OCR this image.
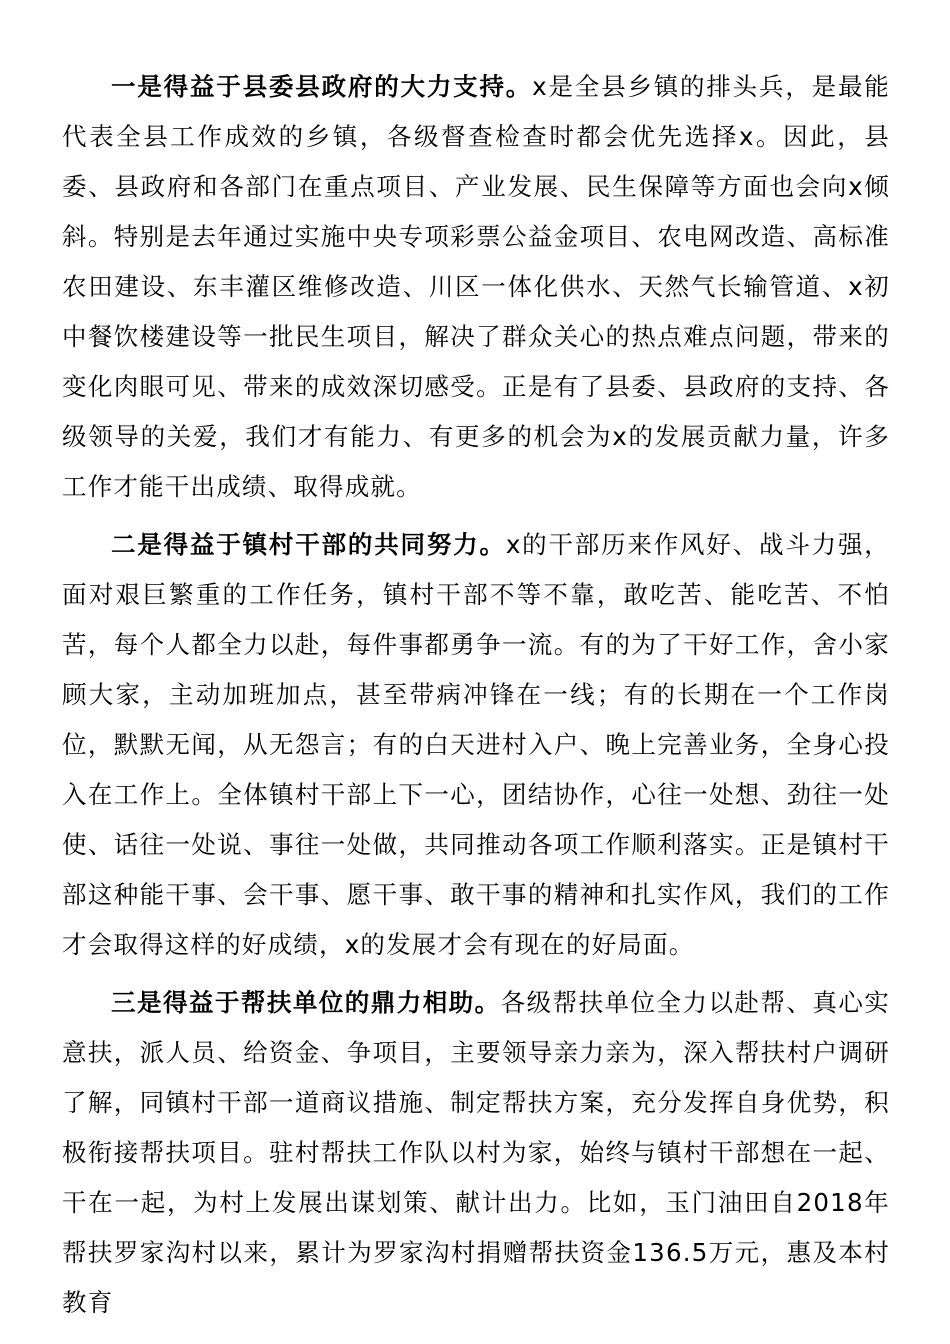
一是得益于县委县政府的大力支持。x是全县乡镇的排头兵，是最能代表全县工作成效的乡镇，各级督查检查时都会优先选择x。因此，县委、县政府和各部门在重点项目、产业发展、民生保障等方面也会向x倾斜。特别是去年通过实施中央专项彩票公益金项目、农电网改造、高标准农田建设、东丰灌区维修改造、川区一体化供水、天然气长输管道、x初中餐饮楼建设等一批民生项目，解决了群众关心的热点难点问题，带来的变化肉眼可见、带来的成效深切感受。正是有了县委、县政府的支持、各级领导的关爱，我们才有能力、有更多的机会为x的发展贡献力量，许多工作才能干出成绩、取得成就。

二是得益于镇村干部的共同努力。x的干部历来作风好、战斗力强，面对艰巨繁重的工作任务，镇村干部不等不靠，敢吃苦、能吃苦、不怕苦，每个人都全力以赴，每件事都勇争一流。有的为了干好工作，舍小家顾大家，主动加班加点，甚至带病冲锋在一线；有的长期在一个工作岗位，默默无闻，从无怨言；有的白天进村入户、晚上完善业务，全身心投入在工作上。全体镇村干部上下一心，团结协作，心往一处想、劲往一处使、话往一处说、事往一处做，共同推动各项工作顺利落实。正是镇村干部这种能干事、会干事、愿干事、敢干事的精神和扎实作风，我们的工作才会取得这样的好成绩，x的发展才会有现在的好局面。

三是得益于帮扶单位的鼎力相助。各级帮扶单位全力以赴帮、真心实意扶，派人员、给资金、争项目，主要领导亲力亲为，深入帮扶村户调研了解，同镇村干部一道商议措施、制定帮扶方案，充分发挥自身优势，积极衔接帮扶项目。驻村帮扶工作队以村为家，始终与镇村干部想在一起、干在一起，为村上发展出谋划策、献计出力。比如，玉门油田自2018年帮扶罗家沟村以来，累计为罗家沟村捐赠帮扶资金136.5万元，惠及本村教育
